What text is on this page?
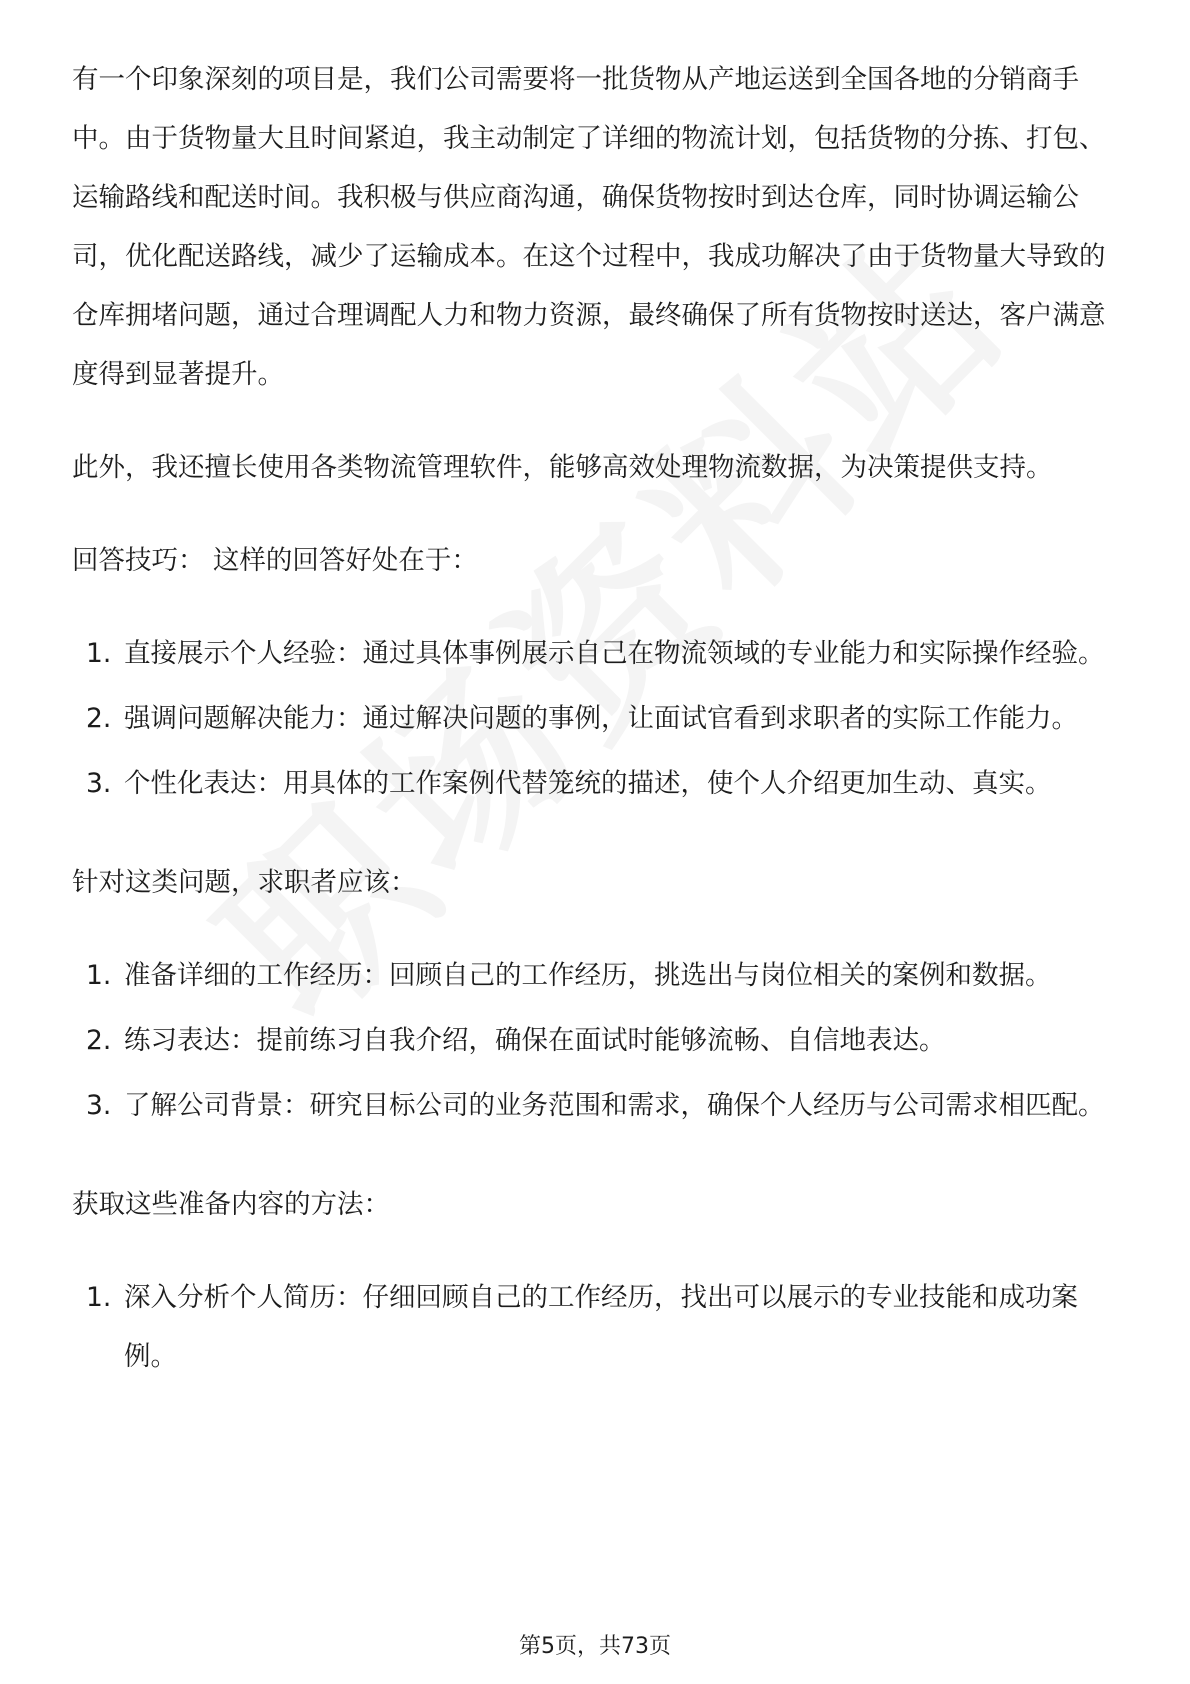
有一个印象深刻的项目是，我们公司需要将一批货物从产地运送到全国各地的分销商手中。由于货物量大且时间紧迫，我主动制定了详细的物流计划，包括货物的分拣、打包、运输路线和配送时间。我积极与供应商沟通，确保货物按时到达仓库，同时协调运输公司，优化配送路线，减少了运输成本。在这个过程中，我成功解决了由于货物量大导致的仓库拥堵问题，通过合理调配人力和物力资源，最终确保了所有货物按时送达，客户满意度得到显著提升。

此外，我还擅长使用各类物流管理软件，能够高效处理物流数据，为决策提供支持。

回答技巧： 这样的回答好处在于：

1. 直接展示个人经验：通过具体事例展示自己在物流领域的专业能力和实际操作经验。
2. 强调问题解决能力：通过解决问题的事例，让面试官看到求职者的实际工作能力。
3. 个性化表达：用具体的工作案例代替笼统的描述，使个人介绍更加生动、真实。

针对这类问题，求职者应该：

1. 准备详细的工作经历：回顾自己的工作经历，挑选出与岗位相关的案例和数据。
2. 练习表达：提前练习自我介绍，确保在面试时能够流畅、自信地表达。
3. 了解公司背景：研究目标公司的业务范围和需求，确保个人经历与公司需求相匹配。

获取这些准备内容的方法：

1. 深入分析个人简历：仔细回顾自己的工作经历，找出可以展示的专业技能和成功案例。
第5页，共73页
